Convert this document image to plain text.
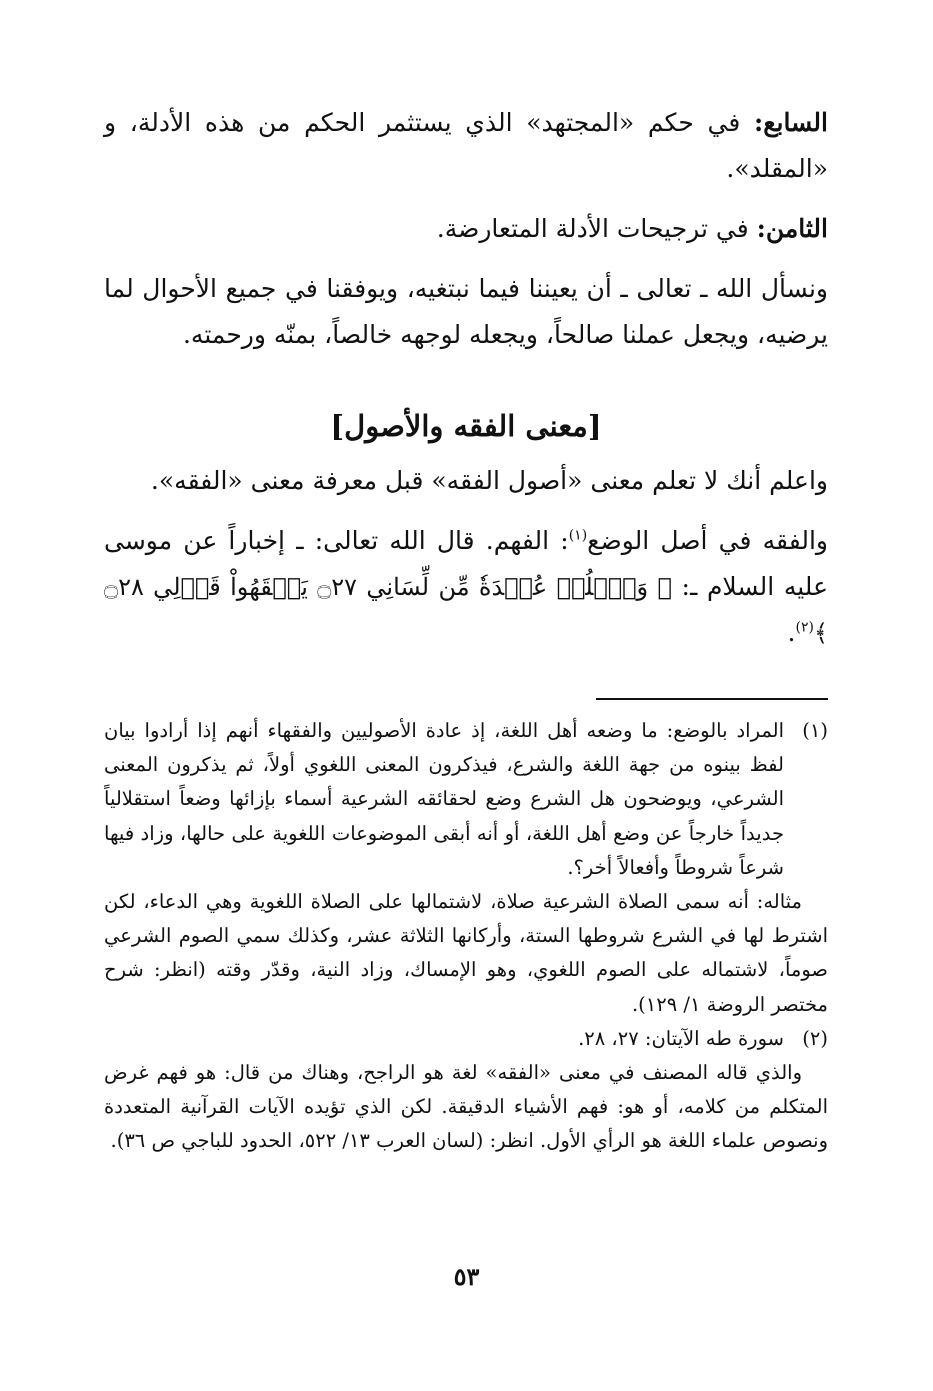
السابع: في حكم «المجتهد» الذي يستثمر الحكم من هذه الأدلة، و «المقلد».

الثامن: في ترجيحات الأدلة المتعارضة.

ونسأل الله ـ تعالى ـ أن يعيننا فيما نبتغيه، ويوفقنا في جميع الأحوال لما يرضيه، ويجعل عملنا صالحاً، ويجعله لوجهه خالصاً، بمنّه ورحمته.

[معنى الفقه والأصول]

واعلم أنك لا تعلم معنى «أصول الفقه» قبل معرفة معنى «الفقه».

والفقه في أصل الوضع$^{(١)}$: الفهم. قال الله تعالى: ـ إخباراً عن موسى عليه السلام ـ: ﴿ وَٱحۡلُلۡ عُقۡدَةٗ مِّن لِّسَانِي ۝٢٧ يَفۡقَهُواْ قَوۡلِي ۝٢٨ ﴾$^{(٢)}$.

(١)
المراد بالوضع: ما وضعه أهل اللغة، إذ عادة الأصوليين والفقهاء أنهم إذا أرادوا بيان لفظ بينوه من جهة اللغة والشرع، فيذكرون المعنى اللغوي أولاً، ثم يذكرون المعنى الشرعي، ويوضحون هل الشرع وضع لحقائقه الشرعية أسماء بإزائها وضعاً استقلالياً جديداً خارجاً عن وضع أهل اللغة، أو أنه أبقى الموضوعات اللغوية على حالها، وزاد فيها شرعاً شروطاً وأفعالاً أخر؟.

مثاله: أنه سمى الصلاة الشرعية صلاة، لاشتمالها على الصلاة اللغوية وهي الدعاء، لكن اشترط لها في الشرع شروطها الستة، وأركانها الثلاثة عشر، وكذلك سمي الصوم الشرعي صوماً، لاشتماله على الصوم اللغوي، وهو الإمساك، وزاد النية، وقدّر وقته (انظر: شرح مختصر الروضة ١/ ١٢٩).

(٢)
سورة طه الآيتان: ٢٧، ٢٨.

والذي قاله المصنف في معنى «الفقه» لغة هو الراجح، وهناك من قال: هو فهم غرض المتكلم من كلامه، أو هو: فهم الأشياء الدقيقة. لكن الذي تؤيده الآيات القرآنية المتعددة ونصوص علماء اللغة هو الرأي الأول. انظر: (لسان العرب ١٣/ ٥٢٢، الحدود للباجي ص ٣٦).

٥٣
